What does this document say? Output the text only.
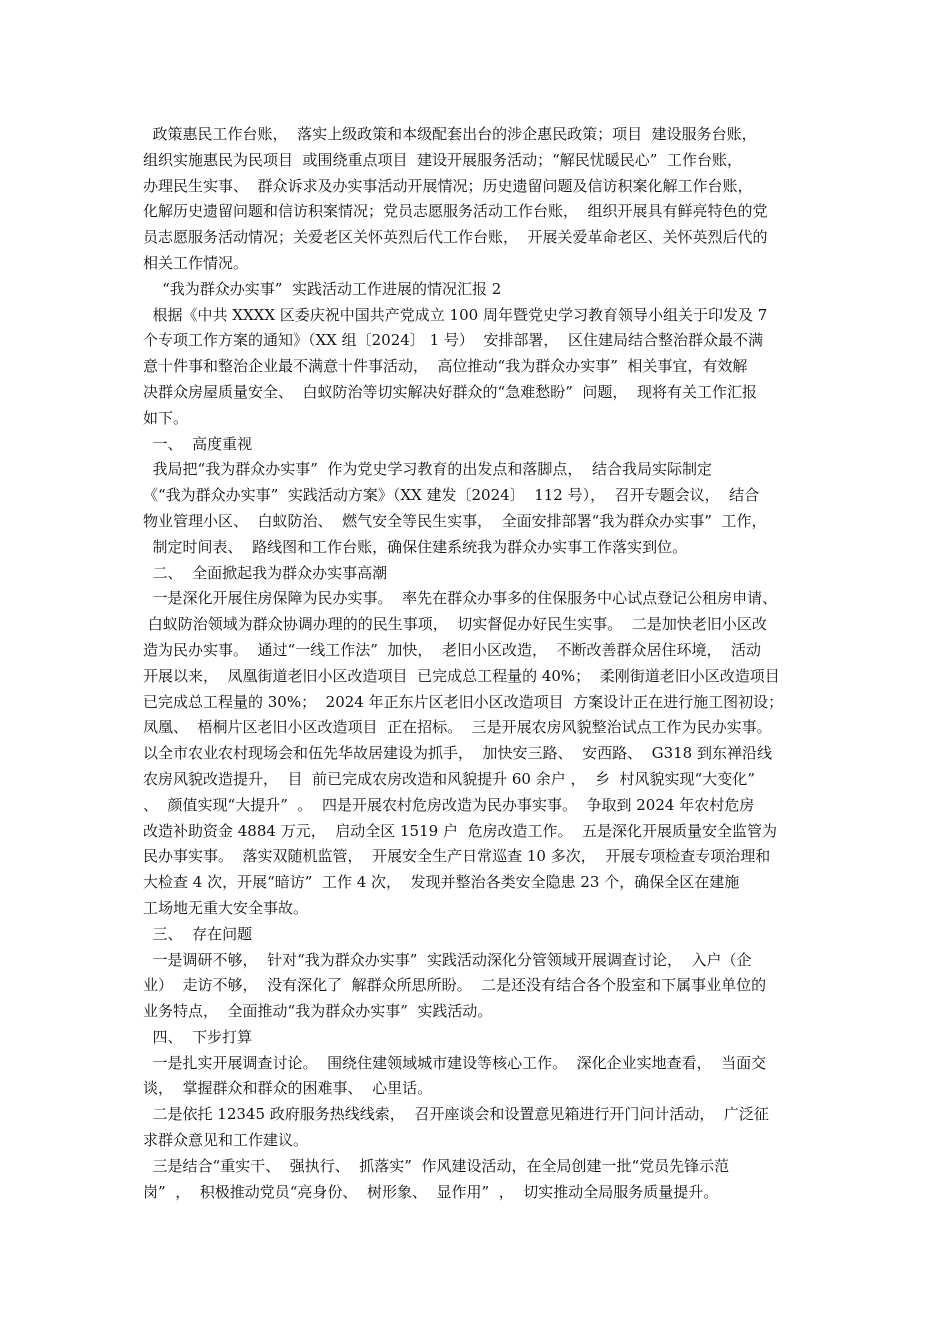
政策惠民工作台账，  落实上级政策和本级配套出台的涉企惠民政策；项目  建设服务台账，
组织实施惠民为民项目  或围绕重点项目  建设开展服务活动；“解民忧暖民心”  工作台账，
办理民生实事、  群众诉求及办实事活动开展情况；历史遗留问题及信访积案化解工作台账，
化解历史遗留问题和信访积案情况；党员志愿服务活动工作台账，  组织开展具有鲜亮特色的党
员志愿服务活动情况；关爱老区关怀英烈后代工作台账，  开展关爱革命老区、关怀英烈后代的
相关工作情况。
“我为群众办实事”  实践活动工作进展的情况汇报 2
根据《中共 XXXX 区委庆祝中国共产党成立 100 周年暨党史学习教育领导小组关于印发及 7
个专项工作方案的通知》（XX 组〔2024〕 1 号）  安排部署，  区住建局结合整治群众最不满
意十件事和整治企业最不满意十件事活动，  高位推动“我为群众办实事”  相关事宜，有效解
决群众房屋质量安全、  白蚁防治等切实解决好群众的“急难愁盼”  问题，  现将有关工作汇报
如下。
一、  高度重视
我局把“我为群众办实事”  作为党史学习教育的出发点和落脚点，  结合我局实际制定
《“我为群众办实事”  实践活动方案》（XX 建发〔2024〕  112 号），  召开专题会议，  结合
物业管理小区、  白蚁防治、  燃气安全等民生实事，  全面安排部署“我为群众办实事”  工作，
制定时间表、  路线图和工作台账，确保住建系统我为群众办实事工作落实到位。
二、  全面掀起我为群众办实事高潮
一是深化开展住房保障为民办实事。  率先在群众办事多的住保服务中心试点登记公租房申请、
白蚁防治领域为群众协调办理的的民生事项，  切实督促办好民生实事。  二是加快老旧小区改
造为民办实事。  通过“一线工作法”  加快，  老旧小区改造，  不断改善群众居住环境，  活动
开展以来，  凤凰街道老旧小区改造项目  已完成总工程量的 40%；  柔刚街道老旧小区改造项目
已完成总工程量的 30%；  2024 年正东片区老旧小区改造项目  方案设计正在进行施工图初设；
凤凰、  梧桐片区老旧小区改造项目  正在招标。  三是开展农房风貌整治试点工作为民办实事。
以全市农业农村现场会和伍先华故居建设为抓手，  加快安三路、  安西路、  G318 到东禅沿线
农房风貌改造提升，  目  前已完成农房改造和风貌提升 60 余户 ，  乡  村风貌实现“大变化”
、  颜值实现“大提升”  。  四是开展农村危房改造为民办事实事。  争取到 2024 年农村危房
改造补助资金 4884 万元，  启动全区 1519 户  危房改造工作。  五是深化开展质量安全监管为
民办事实事。  落实双随机监管，  开展安全生产日常巡查 10 多次，  开展专项检查专项治理和
大检查 4 次，开展“暗访”  工作 4 次，  发现并整治各类安全隐患 23 个，确保全区在建施
工场地无重大安全事故。
三、  存在问题
一是调研不够，  针对“我为群众办实事”  实践活动深化分管领域开展调查讨论，  入户（企
业）  走访不够，  没有深化了  解群众所思所盼。  二是还没有结合各个股室和下属事业单位的
业务特点，  全面推动“我为群众办实事”  实践活动。
四、  下步打算
一是扎实开展调查讨论。  围绕住建领域城市建设等核心工作。  深化企业实地查看，  当面交
谈，  掌握群众和群众的困难事、  心里话。
二是依托 12345 政府服务热线线索，  召开座谈会和设置意见箱进行开门问计活动，  广泛征
求群众意见和工作建议。
三是结合“重实干、  强执行、  抓落实”  作风建设活动，在全局创建一批“党员先锋示范
岗”  ，  积极推动党员“亮身份、  树形象、  显作用”  ，  切实推动全局服务质量提升。
